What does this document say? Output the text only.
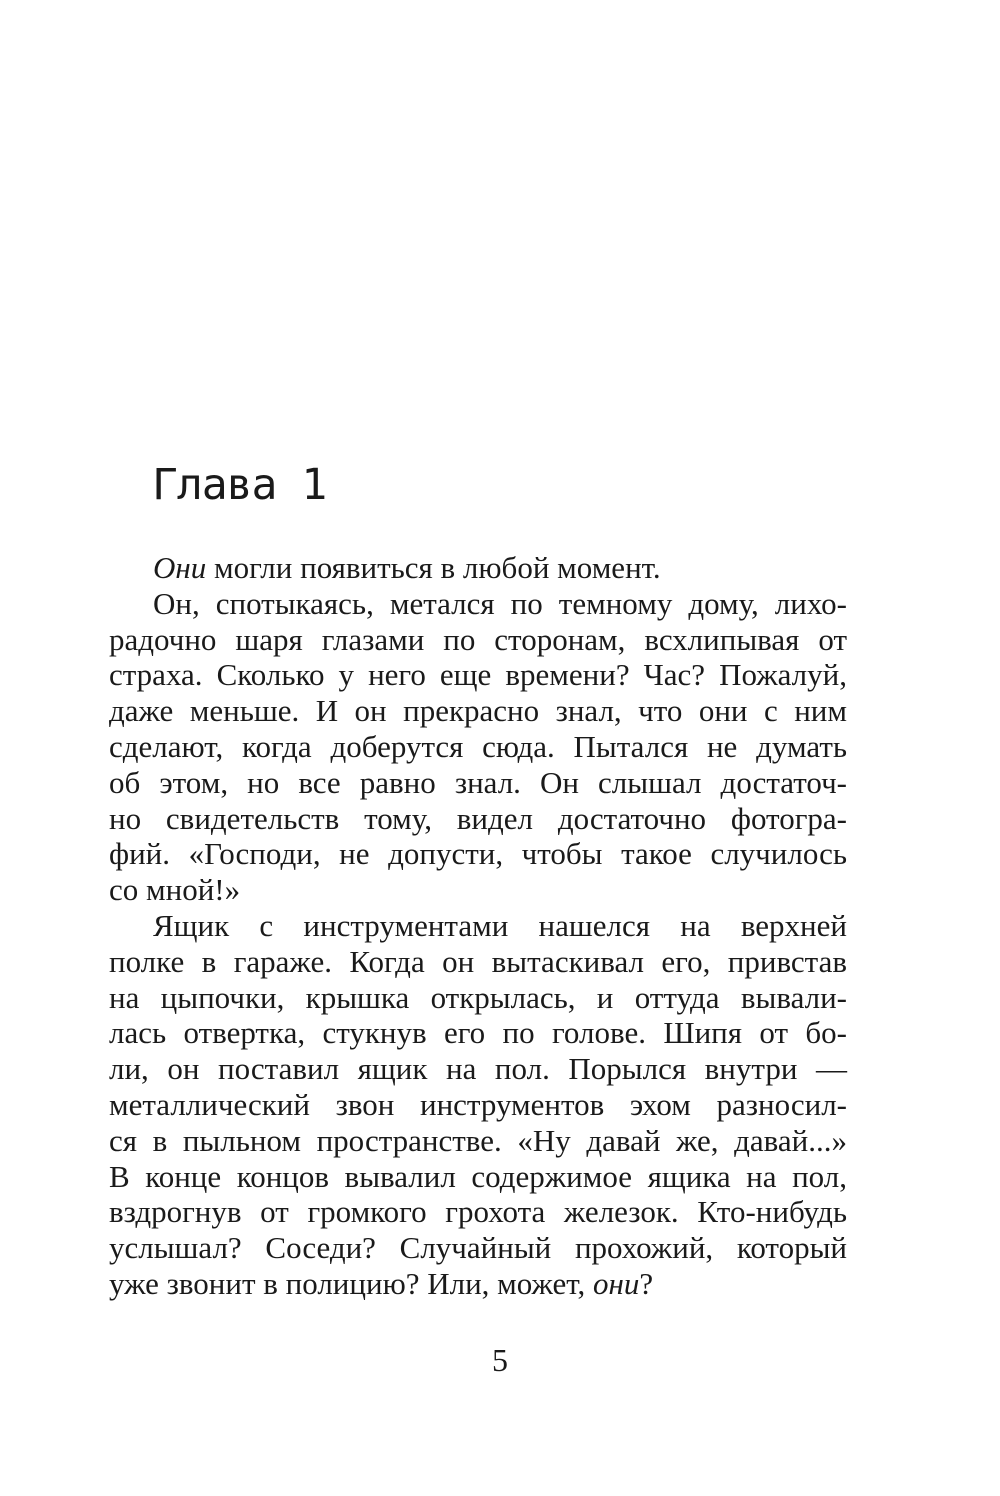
Глава 1
Они могли появиться в любой момент.
Он, спотыкаясь, метался по темному дому, лихо-
радочно шаря глазами по сторонам, всхлипывая от
страха. Сколько у него еще времени? Час? Пожалуй,
даже меньше. И он прекрасно знал, что они с ним
сделают, когда доберутся сюда. Пытался не думать
об этом, но все равно знал. Он слышал достаточ-
но свидетельств тому, видел достаточно фотогра-
фий. «Господи, не допусти, чтобы такое случилось
со мной!»
Ящик с инструментами нашелся на верхней
полке в гараже. Когда он вытаскивал его, привстав
на цыпочки, крышка открылась, и оттуда вывали-
лась отвертка, стукнув его по голове. Шипя от бо-
ли, он поставил ящик на пол. Порылся внутри —
металлический звон инструментов эхом разносил-
ся в пыльном пространстве. «Ну давай же, давай...»
В конце концов вывалил содержимое ящика на пол,
вздрогнув от громкого грохота железок. Кто-нибудь
услышал? Соседи? Случайный прохожий, который
уже звонит в полицию? Или, может, они?
5
